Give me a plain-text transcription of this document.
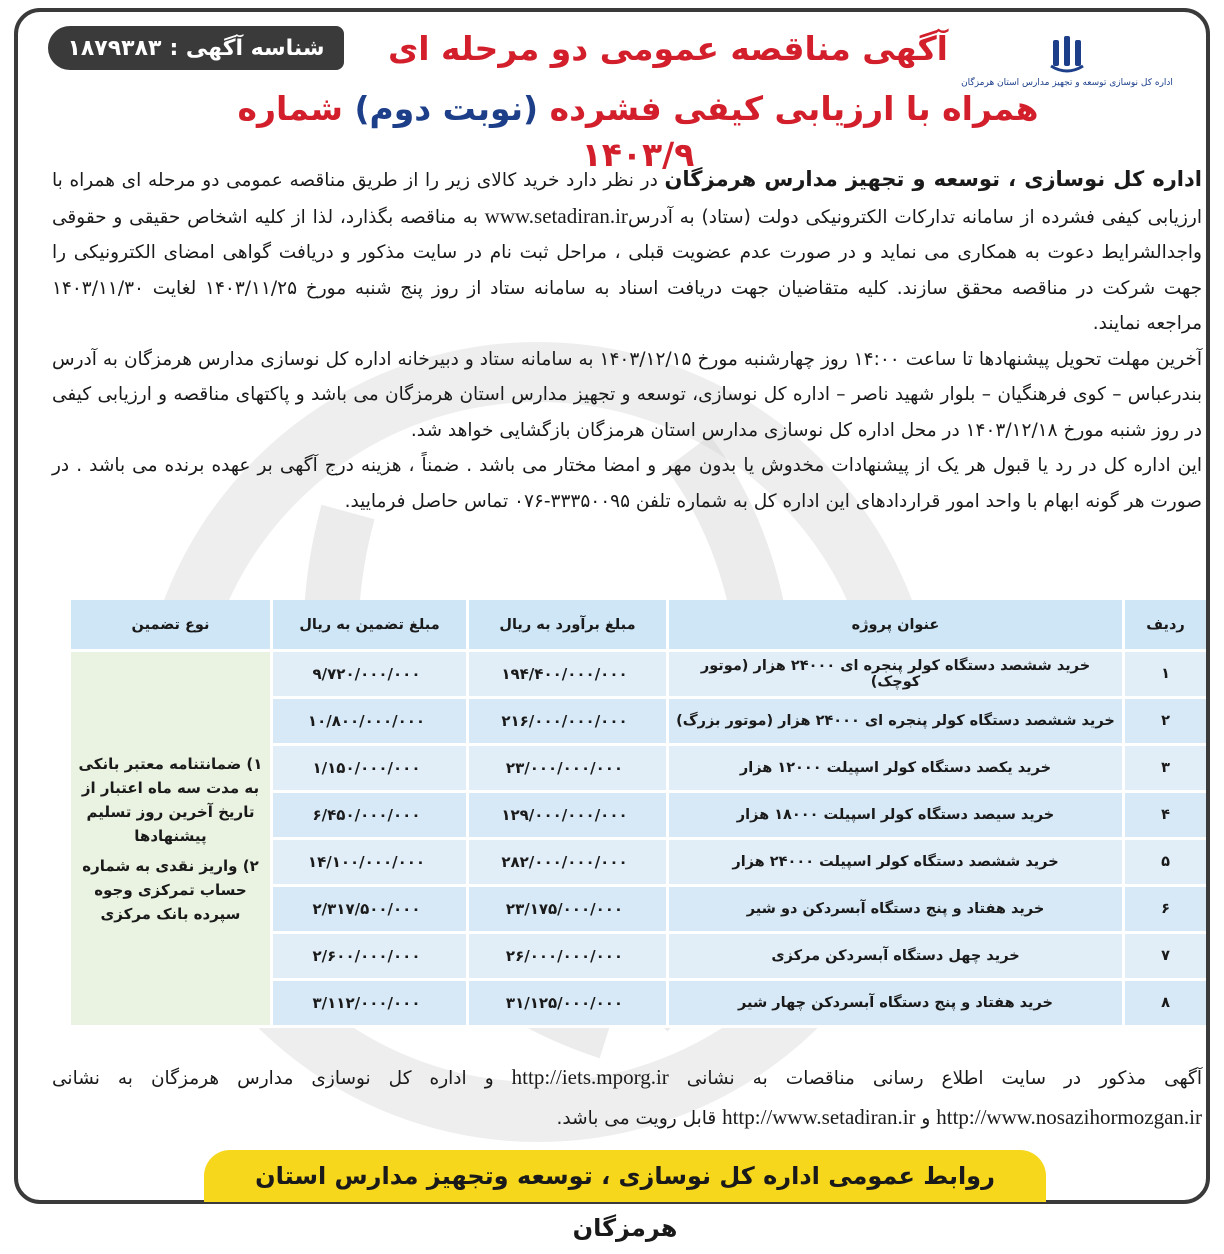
شناسه آگهی :
۱۸۷۹۳۸۳
اداره کل نوسازی توسعه و تجهیز مدارس استان هرمزگان
آگهی مناقصه عمومی دو مرحله ای
همراه با ارزیابی کیفی فشرده (نوبت دوم) شماره ۱۴۰۳/۹

اداره کل نوسازی ، توسعه و تجهیز مدارس هرمزگان در نظر دارد خرید کالای زیر را از طریق مناقصه عمومی دو مرحله ای همراه با ارزیابی کیفی فشرده از سامانه تدارکات الکترونیکی دولت (ستاد) به آدرسwww.setadiran.ir به مناقصه بگذارد، لذا از کلیه اشخاص حقیقی و حقوقی واجدالشرایط دعوت به همکاری می نماید و در صورت عدم عضویت قبلی ، مراحل ثبت نام در سایت مذکور و دریافت گواهی امضای الکترونیکی را جهت شرکت در مناقصه محقق سازند. کلیه متقاضیان جهت دریافت اسناد به سامانه ستاد از روز پنج شنبه مورخ ۱۴۰۳/۱۱/۲۵ لغایت ۱۴۰۳/۱۱/۳۰ مراجعه نمایند.

آخرین مهلت تحویل پیشنهادها تا ساعت ۱۴:۰۰ روز چهارشنبه مورخ ۱۴۰۳/۱۲/۱۵ به سامانه ستاد و دبیرخانه اداره کل نوسازی مدارس هرمزگان به آدرس بندرعباس – کوی فرهنگیان – بلوار شهید ناصر – اداره کل نوسازی، توسعه و تجهیز مدارس استان هرمزگان می باشد و پاکتهای مناقصه و ارزیابی کیفی در روز شنبه مورخ ۱۴۰۳/۱۲/۱۸ در محل اداره کل نوسازی مدارس استان هرمزگان بازگشایی خواهد شد.

این اداره کل در رد یا قبول هر یک از پیشنهادات مخدوش یا بدون مهر و امضا مختار می باشد . ضمناً ، هزینه درج آگهی بر عهده برنده می باشد . در صورت هر گونه ابهام با واحد امور قراردادهای این اداره کل به شماره تلفن ۳۳۳۵۰۰۹۵-۰۷۶ تماس حاصل فرمایید.

ردیف	عنوان پروژه	مبلغ برآورد به ریال	مبلغ تضمین به ریال	نوع تضمین
۱	خرید ششصد دستگاه کولر پنجره ای ۲۴۰۰۰ هزار (موتور کوچک)	۱۹۴/۴۰۰/۰۰۰/۰۰۰	۹/۷۲۰/۰۰۰/۰۰۰	۱) ضمانتنامه معتبر بانکی به مدت سه ماه اعتبار از تاریخ آخرین روز تسلیم پیشنهادها

۲) واریز نقدی به شماره حساب تمرکزی وجوه سپرده بانک مرکزی

۲	خرید ششصد دستگاه کولر پنجره ای ۲۴۰۰۰ هزار (موتور بزرگ)	۲۱۶/۰۰۰/۰۰۰/۰۰۰	۱۰/۸۰۰/۰۰۰/۰۰۰	
۳	خرید یکصد دستگاه کولر اسپیلت ۱۲۰۰۰ هزار	۲۳/۰۰۰/۰۰۰/۰۰۰	۱/۱۵۰/۰۰۰/۰۰۰	
۴	خرید سیصد دستگاه کولر اسپیلت ۱۸۰۰۰ هزار	۱۲۹/۰۰۰/۰۰۰/۰۰۰	۶/۴۵۰/۰۰۰/۰۰۰	
۵	خرید ششصد دستگاه کولر اسپیلت ۲۴۰۰۰ هزار	۲۸۲/۰۰۰/۰۰۰/۰۰۰	۱۴/۱۰۰/۰۰۰/۰۰۰	
۶	خرید هفتاد و پنج دستگاه آبسردکن دو شیر	۲۳/۱۷۵/۰۰۰/۰۰۰	۲/۳۱۷/۵۰۰/۰۰۰	
۷	خرید چهل دستگاه آبسردکن مرکزی	۲۶/۰۰۰/۰۰۰/۰۰۰	۲/۶۰۰/۰۰۰/۰۰۰	
۸	خرید هفتاد و پنج دستگاه آبسردکن چهار شیر	۳۱/۱۲۵/۰۰۰/۰۰۰	۳/۱۱۲/۰۰۰/۰۰۰	
آگهی مذکور در سایت اطلاع رسانی مناقصات به نشانی http://iets.mporg.ir و اداره کل نوسازی مدارس هرمزگان به نشانی http://www.nosazihormozgan.ir و http://www.setadiran.ir قابل رویت می باشد.
روابط عمومی اداره کل نوسازی ، توسعه وتجهیز مدارس استان هرمزگان
